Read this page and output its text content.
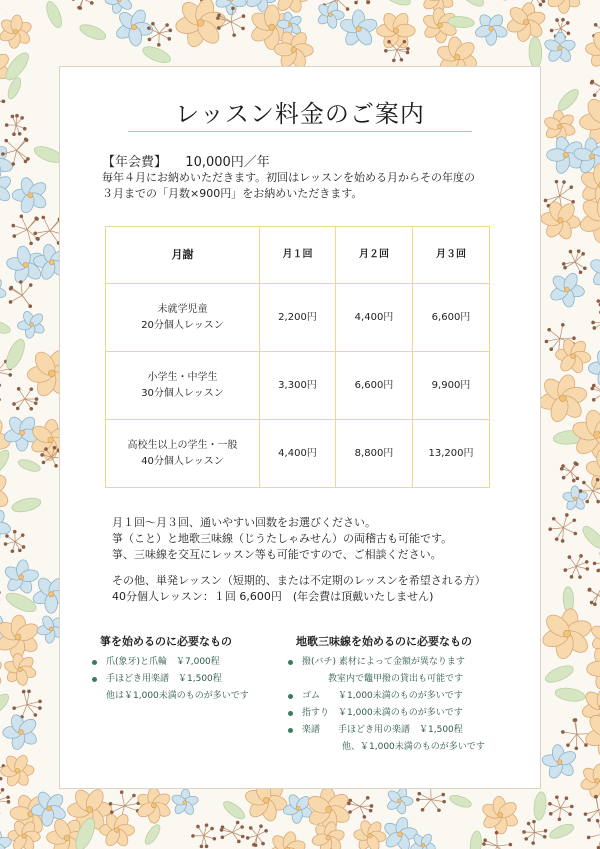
レッスン料金のご案内
【年会費】 10,000円／年
毎年４月にお納めいただきます。初回はレッスンを始める月からその年度の
３月までの「月数×900円」をお納めいただきます。
月謝	月１回	月２回	月３回

未就学児童
20分個人レッスン	2,200円	4,400円	6,600円

小学生・中学生
30分個人レッスン	3,300円	6,600円	9,900円

高校生以上の学生・一般
40分個人レッスン	4,400円	8,800円	13,200円
月１回〜月３回、通いやすい回数をお選びください。
箏（こと）と地歌三味線（じうたしゃみせん）の両稽古も可能です。
箏、三味線を交互にレッスン等も可能ですので、ご相談ください。
その他、単発レッスン（短期的、または不定期のレッスンを希望される方）
40分個人レッスン：１回 6,600円　(年会費は頂戴いたしません)
箏を始めるのに必要なもの
爪(象牙)と爪輪　￥7,000程
手ほどき用楽譜　￥1,500程
他は￥1,000未満のものが多いです
地歌三味線を始めるのに必要なもの
撥(バチ) 素材によって金額が異なります
教室内で鼈甲撥の貸出も可能です
ゴム　　￥1,000未満のものが多いです
指すり　￥1,000未満のものが多いです
楽譜　　手ほどき用の楽譜　￥1,500程
他、￥1,000未満のものが多いです
